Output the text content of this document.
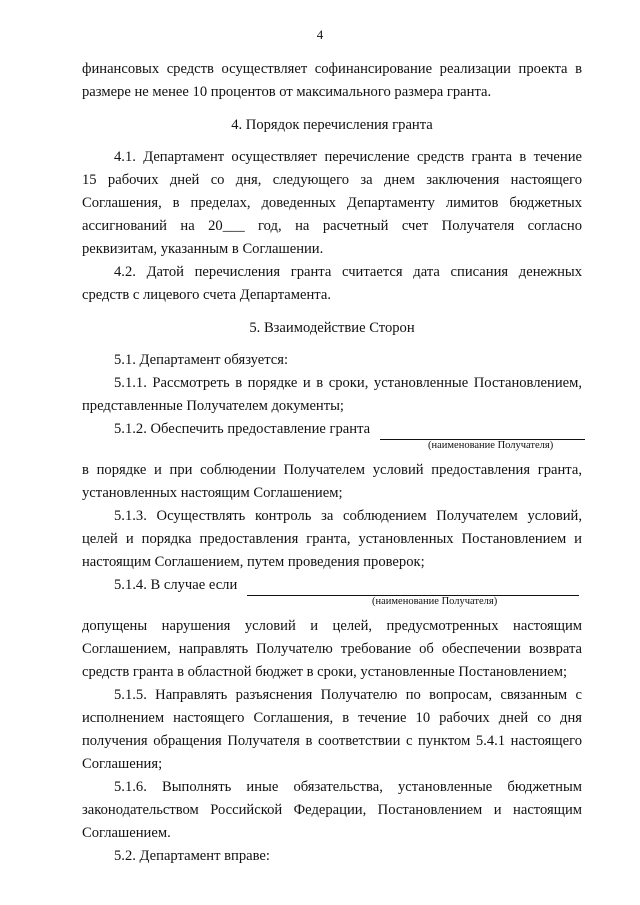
4
финансовых средств осуществляет софинансирование реализации проекта в
размере не менее 10 процентов от максимального размера гранта.
4. Порядок перечисления гранта
4.1. Департамент осуществляет перечисление средств гранта в течение
15 рабочих дней со дня, следующего за днем заключения настоящего
Соглашения, в пределах, доведенных Департаменту лимитов бюджетных
ассигнований на 20___ год, на расчетный счет Получателя согласно
реквизитам, указанным в Соглашении.
4.2. Датой перечисления гранта считается дата списания денежных
средств с лицевого счета Департамента.
5. Взаимодействие Сторон
5.1. Департамент обязуется:
5.1.1. Рассмотреть в порядке и в сроки, установленные Постановлением,
представленные Получателем документы;
5.1.2. Обеспечить предоставление гранта
(наименование Получателя)
в порядке и при соблюдении Получателем условий предоставления гранта,
установленных настоящим Соглашением;
5.1.3. Осуществлять контроль за соблюдением Получателем условий,
целей и порядка предоставления гранта, установленных Постановлением и
настоящим Соглашением, путем проведения проверок;
5.1.4. В случае если
(наименование Получателя)
допущены нарушения условий и целей, предусмотренных настоящим
Соглашением, направлять Получателю требование об обеспечении возврата
средств гранта в областной бюджет в сроки, установленные Постановлением;
5.1.5. Направлять разъяснения Получателю по вопросам, связанным с
исполнением настоящего Соглашения, в течение 10 рабочих дней со дня
получения обращения Получателя в соответствии с пунктом 5.4.1 настоящего
Соглашения;
5.1.6. Выполнять иные обязательства, установленные бюджетным
законодательством Российской Федерации, Постановлением и настоящим
Соглашением.
5.2. Департамент вправе:
